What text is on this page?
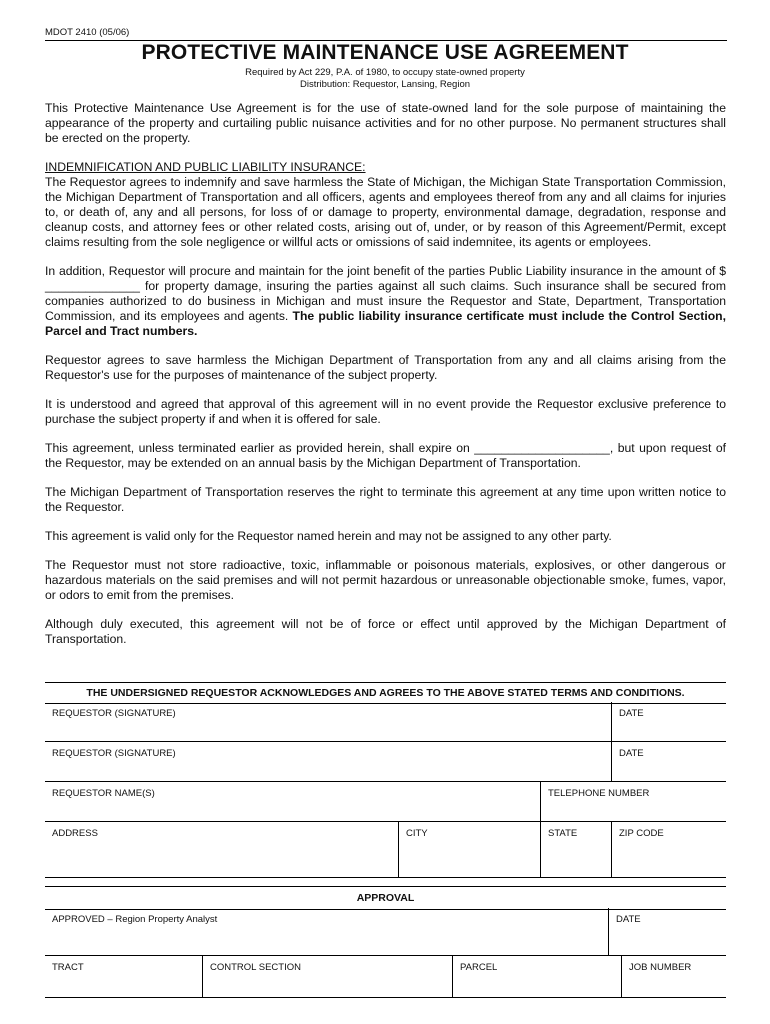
MDOT 2410 (05/06)
PROTECTIVE MAINTENANCE USE AGREEMENT
Required by Act 229, P.A. of 1980, to occupy state-owned property
Distribution: Requestor, Lansing, Region

This Protective Maintenance Use Agreement is for the use of state-owned land for the sole purpose of maintaining the appearance of the property and curtailing public nuisance activities and for no other purpose. No permanent structures shall be erected on the property.

INDEMNIFICATION AND PUBLIC LIABILITY INSURANCE:
The Requestor agrees to indemnify and save harmless the State of Michigan, the Michigan State Transportation Commission, the Michigan Department of Transportation and all officers, agents and employees thereof from any and all claims for injuries to, or death of, any and all persons, for loss of or damage to property, environmental damage, degradation, response and cleanup costs, and attorney fees or other related costs, arising out of, under, or by reason of this Agreement/Permit, except claims resulting from the sole negligence or willful acts or omissions of said indemnitee, its agents or employees.

In addition, Requestor will procure and maintain for the joint benefit of the parties Public Liability insurance in the amount of $ ______________ for property damage, insuring the parties against all such claims. Such insurance shall be secured from companies authorized to do business in Michigan and must insure the Requestor and State, Department, Transportation Commission, and its employees and agents. The public liability insurance certificate must include the Control Section, Parcel and Tract numbers.

Requestor agrees to save harmless the Michigan Department of Transportation from any and all claims arising from the Requestor's use for the purposes of maintenance of the subject property.

It is understood and agreed that approval of this agreement will in no event provide the Requestor exclusive preference to purchase the subject property if and when it is offered for sale.

This agreement, unless terminated earlier as provided herein, shall expire on ____________________, but upon request of the Requestor, may be extended on an annual basis by the Michigan Department of Transportation.

The Michigan Department of Transportation reserves the right to terminate this agreement at any time upon written notice to the Requestor.

This agreement is valid only for the Requestor named herein and may not be assigned to any other party.

The Requestor must not store radioactive, toxic, inflammable or poisonous materials, explosives, or other dangerous or hazardous materials on the said premises and will not permit hazardous or unreasonable objectionable smoke, fumes, vapor, or odors to emit from the premises.

Although duly executed, this agreement will not be of force or effect until approved by the Michigan Department of Transportation.

THE UNDERSIGNED REQUESTOR ACKNOWLEDGES AND AGREES TO THE ABOVE STATED TERMS AND CONDITIONS.
REQUESTOR (SIGNATURE)	DATE
REQUESTOR (SIGNATURE)	DATE
REQUESTOR NAME(S)	TELEPHONE NUMBER
ADDRESS	CITY	STATE	ZIP CODE
APPROVAL
APPROVED – Region Property Analyst	DATE
TRACT	CONTROL SECTION	PARCEL	JOB NUMBER
